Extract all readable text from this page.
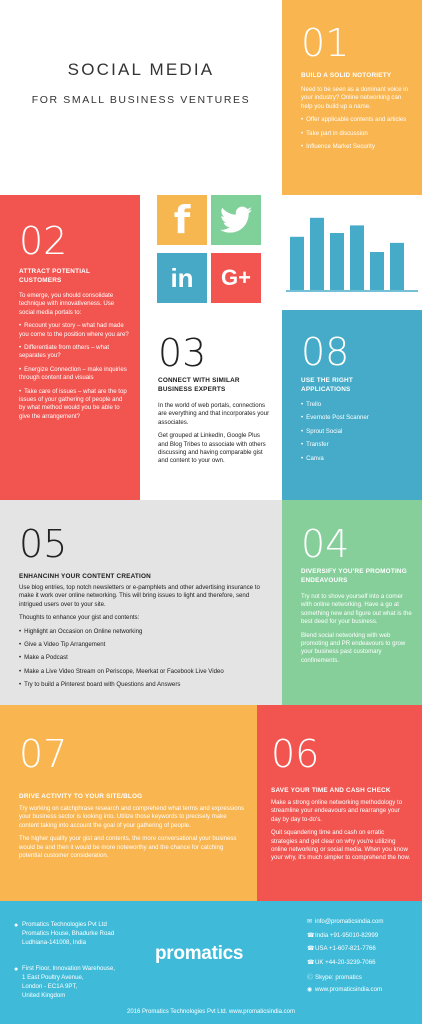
SOCIAL MEDIA
FOR SMALL BUSINESS VENTURES
01
BUILD A SOLID NOTORIETY

Need to be seen as a dominant voice in your industry? Online networking can help you build up a name.

• Offer applicable contents and articles
• Take part in discussion
• Influence Market Security
02
ATTRACT POTENTIAL CUSTOMERS

To emerge, you should consolidate technique with innovativeness. Use social media portals to:

• Recount your story – what had made you come to the position where you are?
• Differentiate from others – what separates you?
• Energize Connection – make inquiries through content and visuals
• Take care of issues – what are the top issues of your gathering of people and by what method would you be able to give the arrangement?
f
in G+
03
CONNECT WITH SIMILAR BUSINESS EXPERTS

In the world of web portals, connections are everything and that incorporates your associates.

Get grouped at LinkedIn, Google Plus and Blog Tribes to associate with others discussing and having comparable gist and content to your own.

08
USE THE RIGHT APPLICATIONS
• Trello
• Evernote Post Scanner
• Sprout Social
• Transfer
• Canva
05
ENHANCINH YOUR CONTENT CREATION

Use blog entries, top notch newsletters or e-pamphlets and other advertising insurance to make it work over online networking. This will bring issues to light and therefore, send intrigued users over to your site.

Thoughts to enhance your gist and contents:

• Highlight an Occasion on Online networking
• Give a Video Tip Arrangement
• Make a Podcast
• Make a Live Video Stream on Periscope, Meerkat or Facebook Live Video
• Try to build a Pinterest board with Questions and Answers
04
DIVERSIFY YOU'RE PROMOTING ENDEAVOURS

Try not to shove yourself into a corner with online networking. Have a go at something new and figure out what is the best deed for your business.

Blend social networking with web promoting and PR endeavours to grow your business past customary confinements.

07
DRIVE ACTIVITY TO YOUR SITE/BLOG

Try working on catchphrase research and comprehend what terms and expressions your business sector is looking into. Utilize those keywords to precisely make content taking into account the goal of your gathering of people.

The higher quality your gist and contents, the more conversational your business would be and then it would be more noteworthy and the chance for catching potential customer consideration.

06
SAVE YOUR TIME AND CASH CHECK

Make a strong online networking methodology to streamline your endeavours and rearrange your day by day to-do's.

Quit squandering time and cash on erratic strategies and get clear on why you're utilizing online networking or social media. When you know your why, it's much simpler to comprehend the how.

● Promatics Technologies Pvt Ltd
Promatics House, Bhadurke Road
Ludhiana-141008, India
● First Floor, Innovation Warehouse,
1 East Poultry Avenue,
London - EC1A 9PT,
United Kingdom
promatics
✉ info@promaticsindia.com
☎India +91-95010-82999
☎USA +1-607-821-7766
☎UK +44-20-3239-7066
Ⓒ Skype: promatics
◉ www.promaticsindia.com
2016 Promatics Technologies Pvt Ltd. www.promaticsindia.com
